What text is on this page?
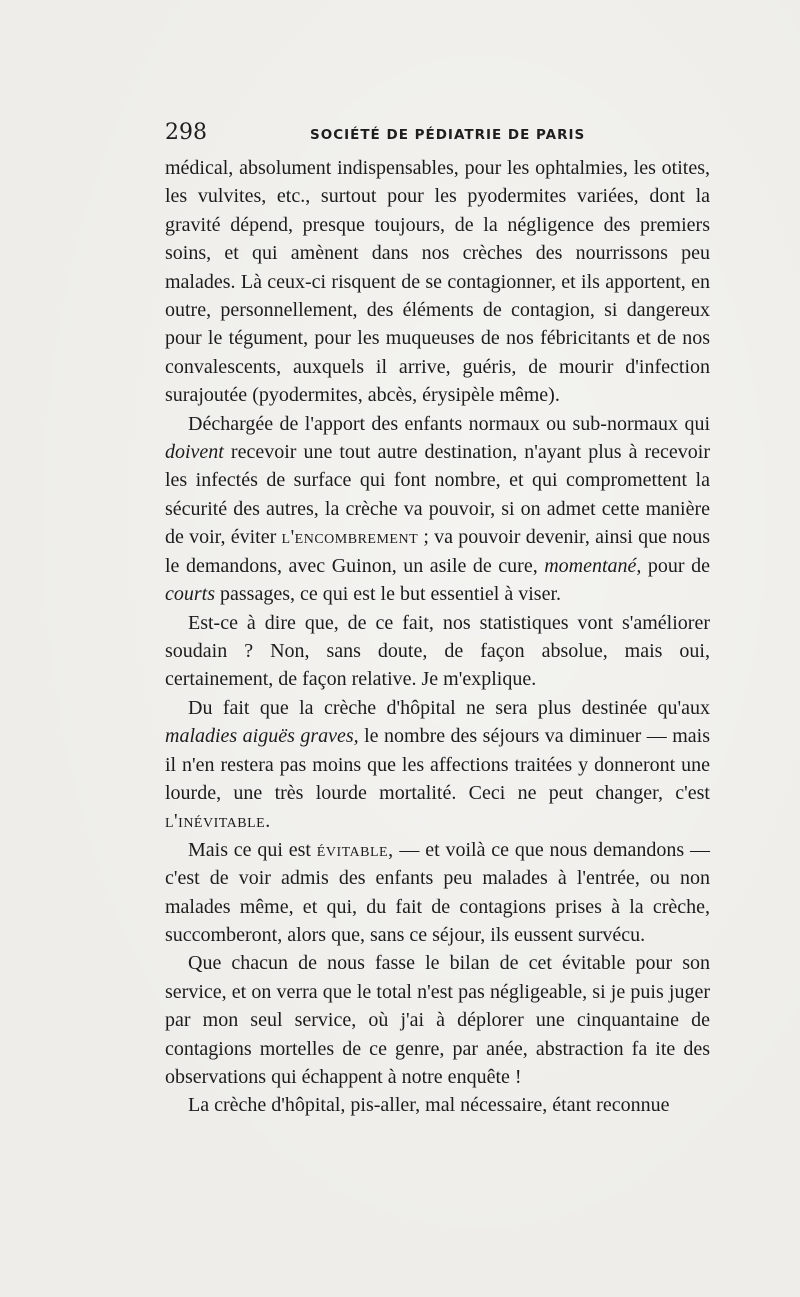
298	SOCIÉTÉ DE PÉDIATRIE DE PARIS

médical, absolument indispensables, pour les ophtalmies, les otites, les vulvites, etc., surtout pour les pyodermites variées, dont la gravité dépend, presque toujours, de la négligence des premiers soins, et qui amènent dans nos crèches des nourrissons peu malades. Là ceux-ci risquent de se contagionner, et ils apportent, en outre, personnellement, des éléments de contagion, si dangereux pour le tégument, pour les muqueuses de nos fébricitants et de nos convalescents, auxquels il arrive, guéris, de mourir d'infection surajoutée (pyodermites, abcès, érysipèle même).

Déchargée de l'apport des enfants normaux ou sub-normaux qui doivent recevoir une tout autre destination, n'ayant plus à recevoir les infectés de surface qui font nombre, et qui compromettent la sécurité des autres, la crèche va pouvoir, si on admet cette manière de voir, éviter l'encombrement ; va pouvoir devenir, ainsi que nous le demandons, avec Guinon, un asile de cure, momentané, pour de courts passages, ce qui est le but essentiel à viser.

Est-ce à dire que, de ce fait, nos statistiques vont s'améliorer soudain ? Non, sans doute, de façon absolue, mais oui, certainement, de façon relative. Je m'explique.

Du fait que la crèche d'hôpital ne sera plus destinée qu'aux maladies aiguës graves, le nombre des séjours va diminuer — mais il n'en restera pas moins que les affections traitées y donneront une lourde, une très lourde mortalité. Ceci ne peut changer, c'est l'inévitable.

Mais ce qui est évitable, — et voilà ce que nous demandons — c'est de voir admis des enfants peu malades à l'entrée, ou non malades même, et qui, du fait de contagions prises à la crèche, succomberont, alors que, sans ce séjour, ils eussent survécu.

Que chacun de nous fasse le bilan de cet évitable pour son service, et on verra que le total n'est pas négligeable, si je puis juger par mon seul service, où j'ai à déplorer une cinquantaine de contagions mortelles de ce genre, par anée, abstraction fa ite des observations qui échappent à notre enquête !

La crèche d'hôpital, pis-aller, mal nécessaire, étant reconnue
